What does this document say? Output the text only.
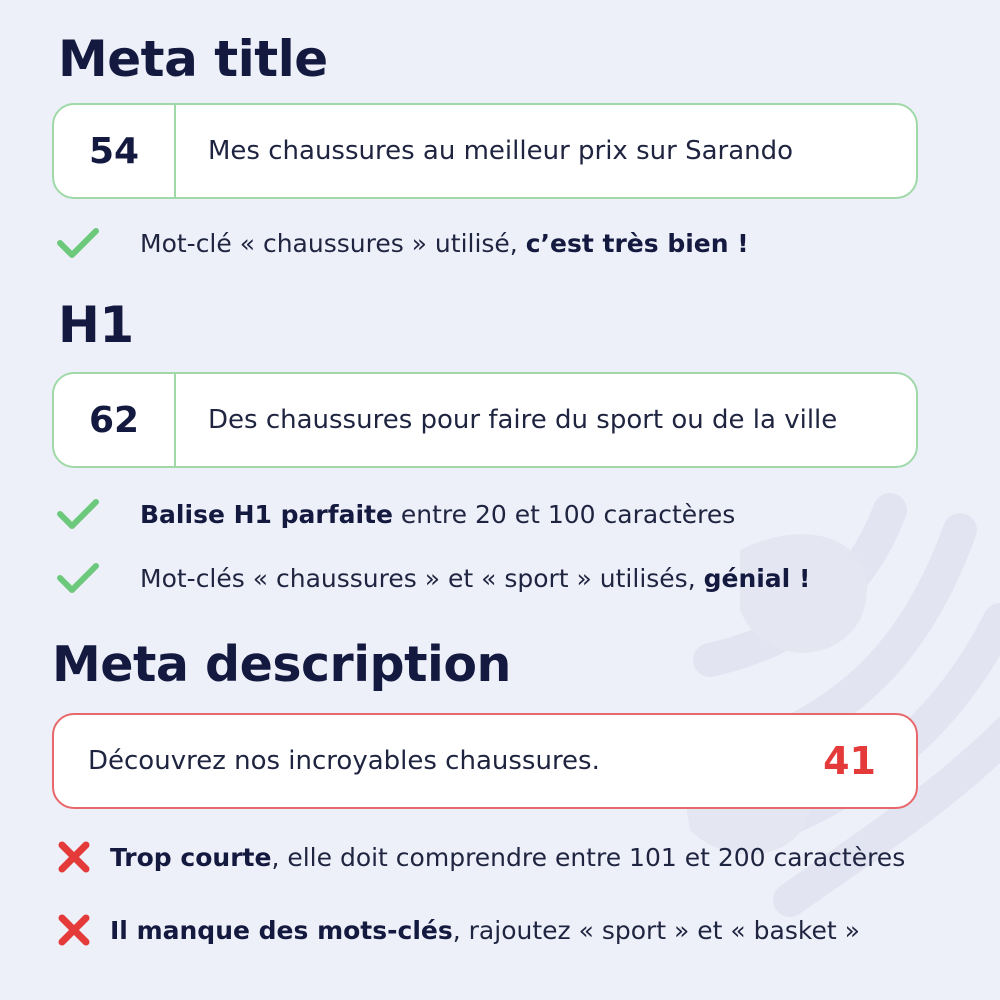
Meta title
54	Mes chaussures au meilleur prix sur Sarando
Mot-clé « chaussures » utilisé, c’est très bien !
H1
62	Des chaussures pour faire du sport ou de la ville
Balise H1 parfaite entre 20 et 100 caractères
Mot-clés « chaussures » et « sport » utilisés, génial !
Meta description
Découvrez nos incroyables chaussures.	41
Trop courte, elle doit comprendre entre 101 et 200 caractères
Il manque des mots-clés, rajoutez « sport » et « basket »
